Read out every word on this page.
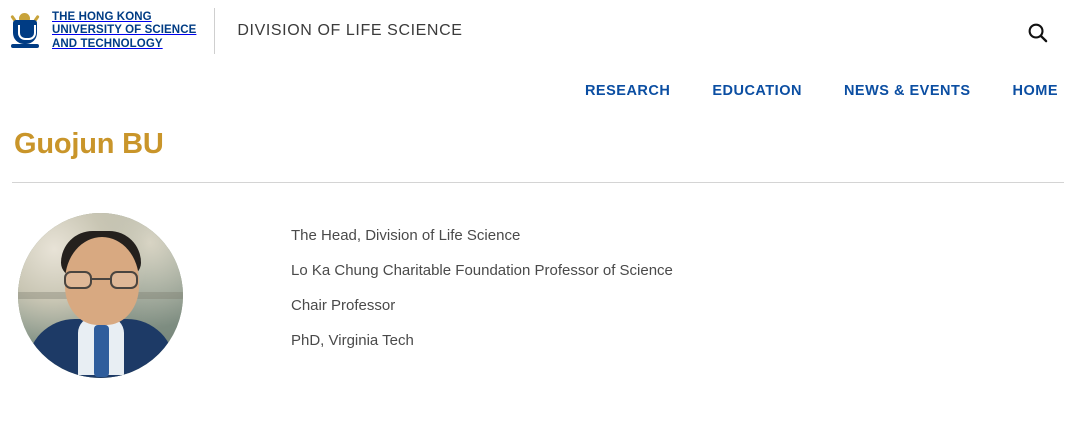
THE HONG KONG
UNIVERSITY OF SCIENCE
AND TECHNOLOGY
DIVISION OF LIFE SCIENCE
RESEARCH	EDUCATION	NEWS & EVENTS	HOME
Guojun BU

The Head, Division of Life Science

Lo Ka Chung Charitable Foundation Professor of Science

Chair Professor

PhD, Virginia Tech
